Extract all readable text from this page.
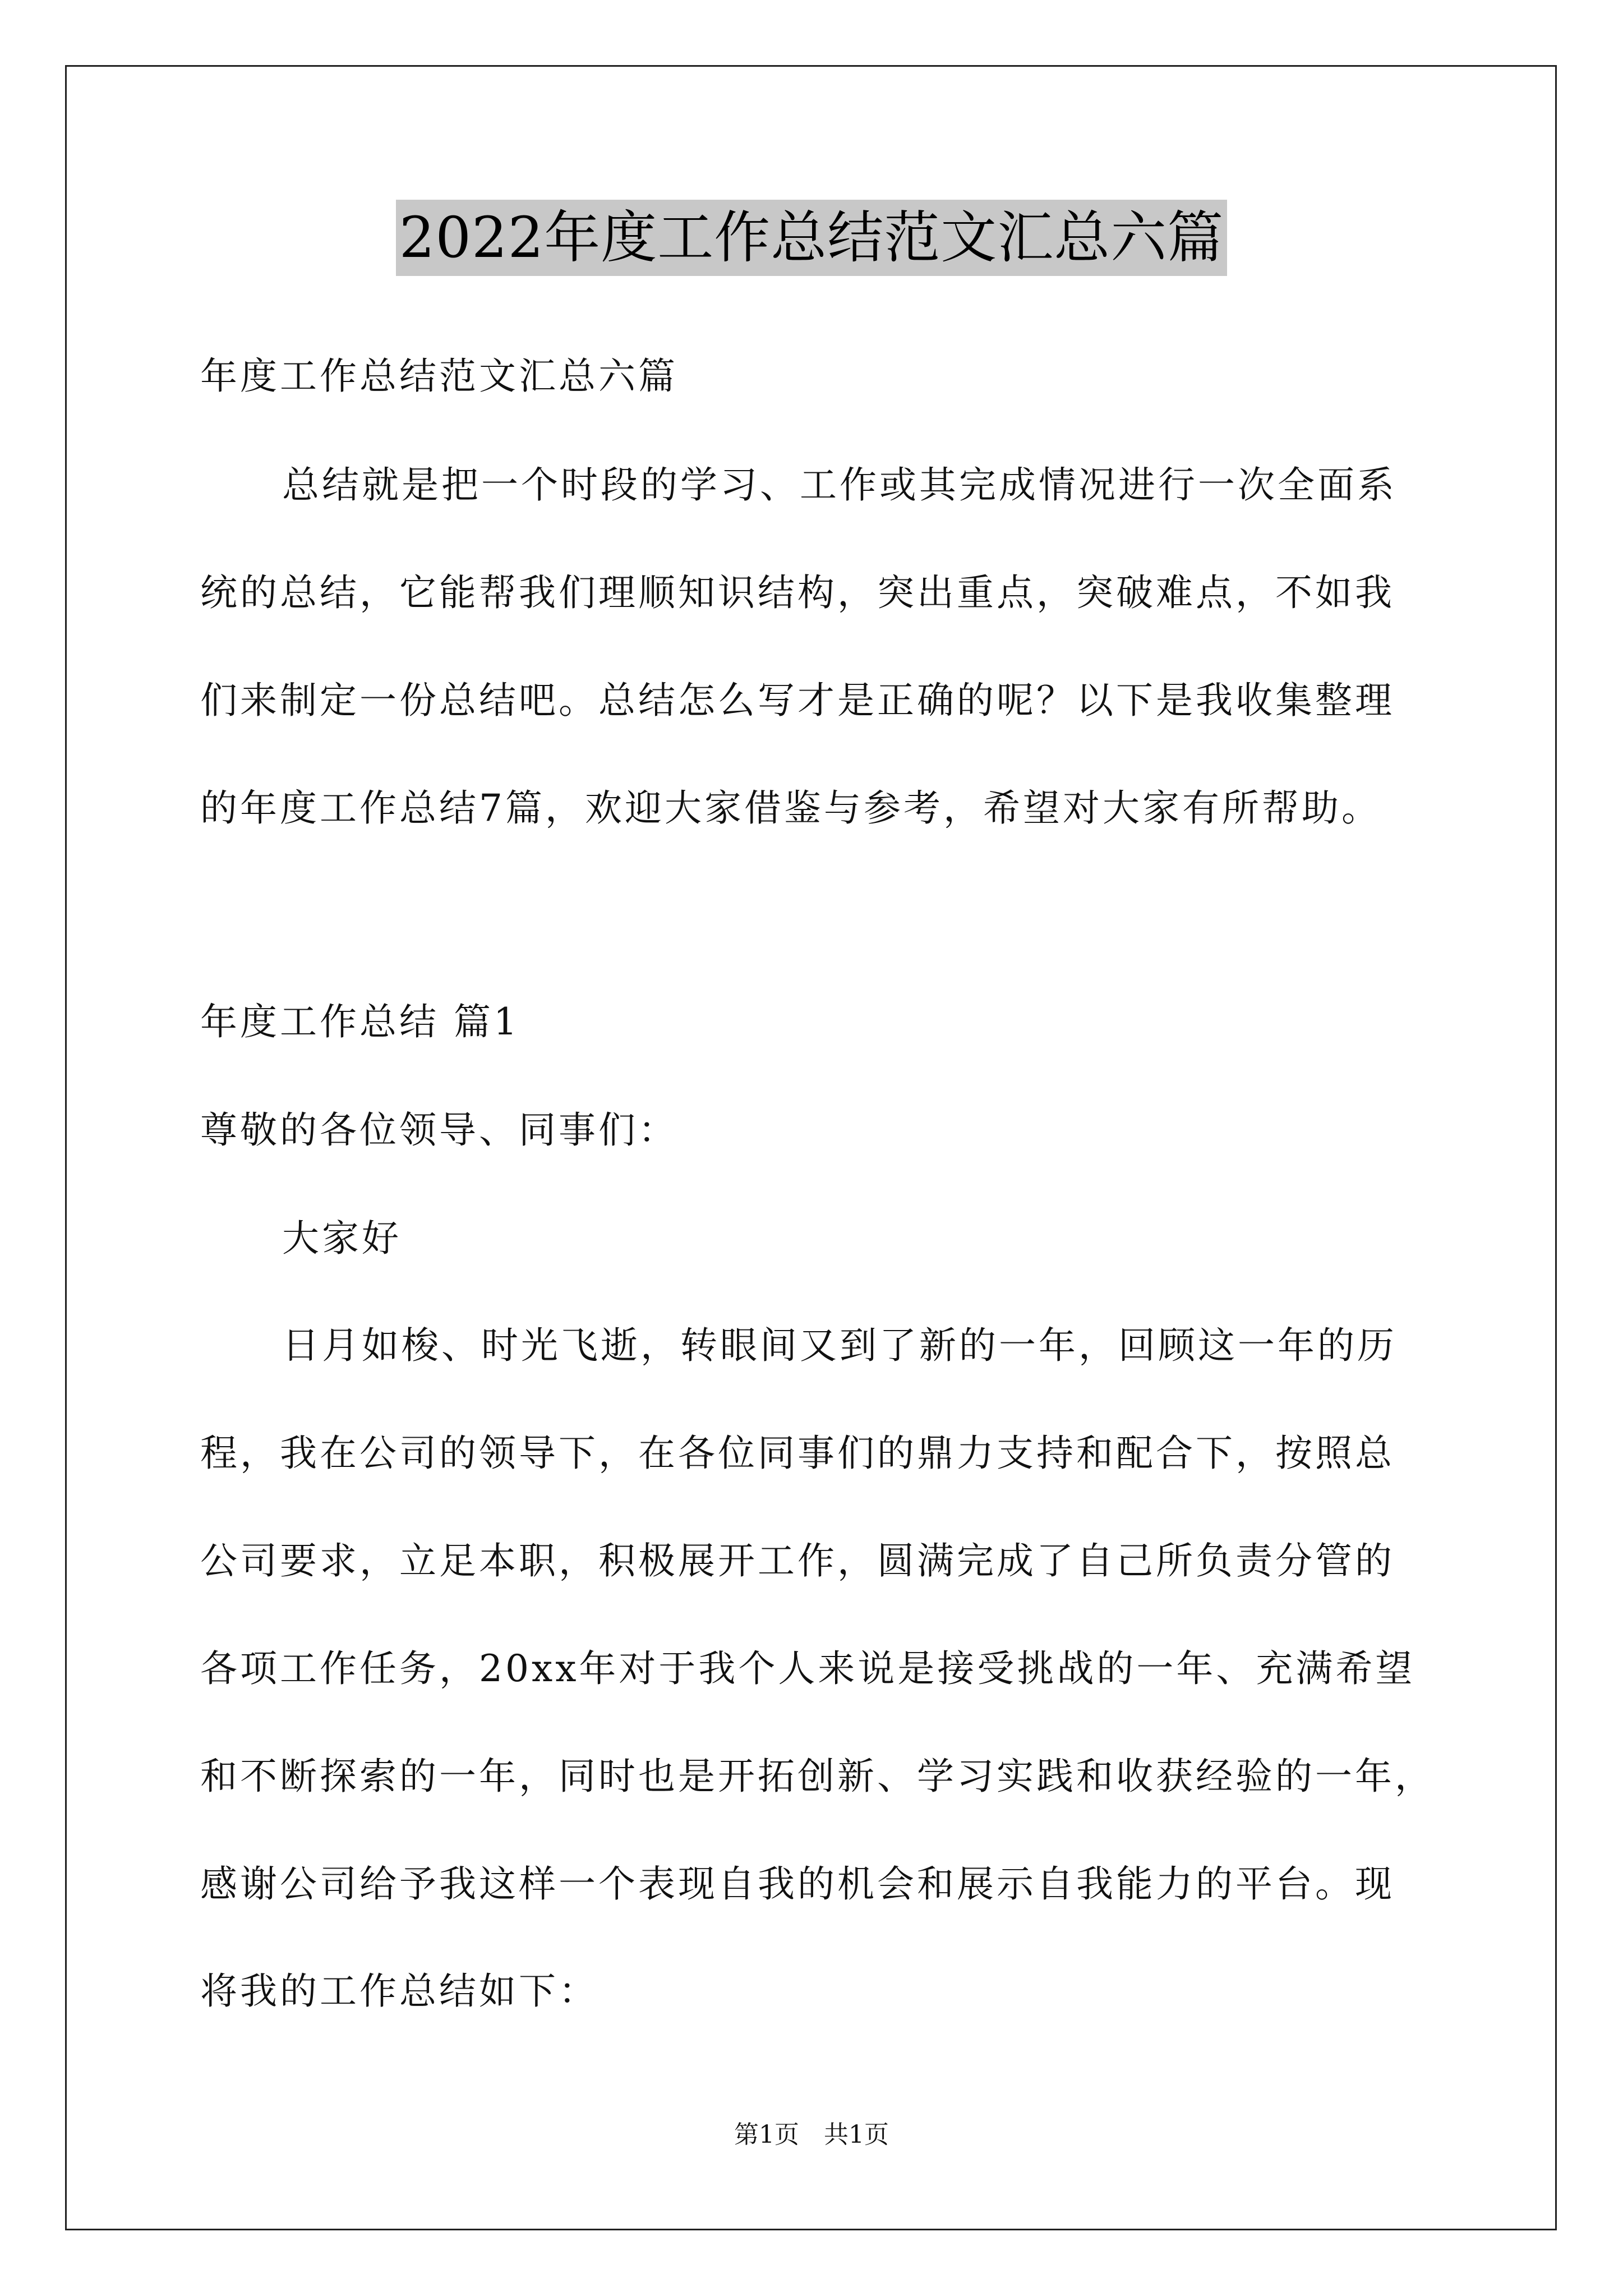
2022年度工作总结范文汇总六篇
年度工作总结范文汇总六篇
总结就是把一个时段的学习、工作或其完成情况进行一次全面系
统的总结，它能帮我们理顺知识结构，突出重点，突破难点，不如我
们来制定一份总结吧。总结怎么写才是正确的呢？以下是我收集整理
的年度工作总结7篇，欢迎大家借鉴与参考，希望对大家有所帮助。
年度工作总结 篇1
尊敬的各位领导、同事们：
大家好
日月如梭、时光飞逝，转眼间又到了新的一年，回顾这一年的历
程，我在公司的领导下，在各位同事们的鼎力支持和配合下，按照总
公司要求，立足本职，积极展开工作，圆满完成了自己所负责分管的
各项工作任务，20xx年对于我个人来说是接受挑战的一年、充满希望
和不断探索的一年，同时也是开拓创新、学习实践和收获经验的一年，
感谢公司给予我这样一个表现自我的机会和展示自我能力的平台。现
将我的工作总结如下：
第1页　共1页
